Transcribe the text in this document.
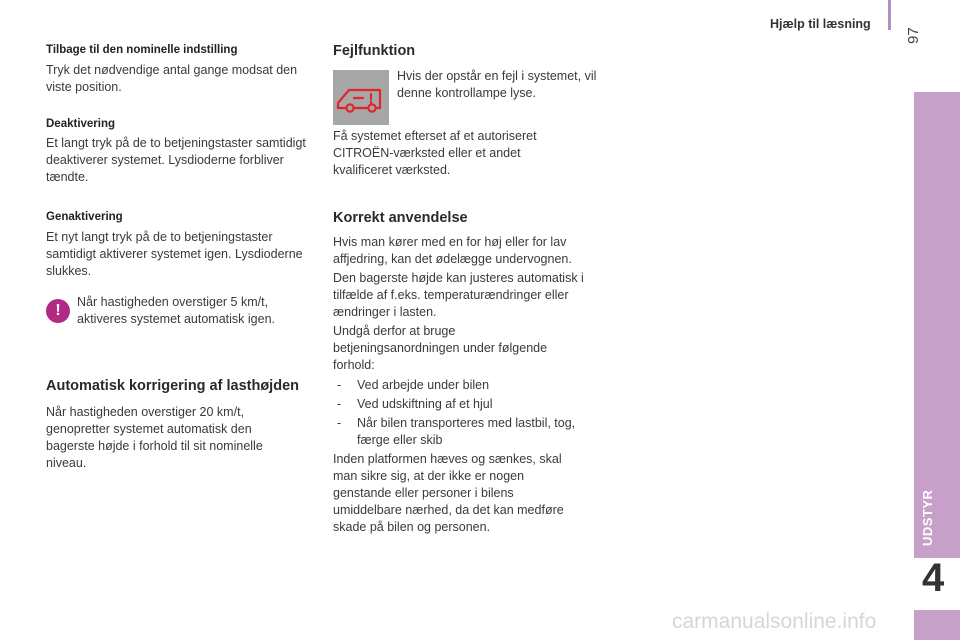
Hjælp til læsning
97
UDSTYR
4
Tilbage til den nominelle indstilling
Tryk det nødvendige antal gange modsat den viste position.
Deaktivering
Et langt tryk på de to betjeningstaster samtidigt deaktiverer systemet. Lysdioderne forbliver tændte.
Genaktivering
Et nyt langt tryk på de to betjeningstaster samtidigt aktiverer systemet igen. Lysdioderne slukkes.
!	Når hastigheden overstiger 5 km/t, aktiveres systemet automatisk igen.
Automatisk korrigering af lasthøjden
Når hastigheden overstiger 20 km/t, genopretter systemet automatisk den bagerste højde i forhold til sit nominelle niveau.
Fejlfunktion
Hvis der opstår en fejl i systemet, vil denne kontrollampe lyse.
Få systemet efterset af et autoriseret CITROËN-værksted eller et andet kvalificeret værksted.
Korrekt anvendelse
Hvis man kører med en for høj eller for lav affjedring, kan det ødelægge undervognen.
Den bagerste højde kan justeres automatisk i tilfælde af f.eks. temperaturændringer eller ændringer i lasten.
Undgå derfor at bruge betjeningsanordningen under følgende forhold:
- Ved arbejde under bilen
- Ved udskiftning af et hjul
- Når bilen transporteres med lastbil, tog, færge eller skib
Inden platformen hæves og sænkes, skal man sikre sig, at der ikke er nogen genstande eller personer i bilens umiddelbare nærhed, da det kan medføre skade på bilen og personen.
carmanualsonline.info
